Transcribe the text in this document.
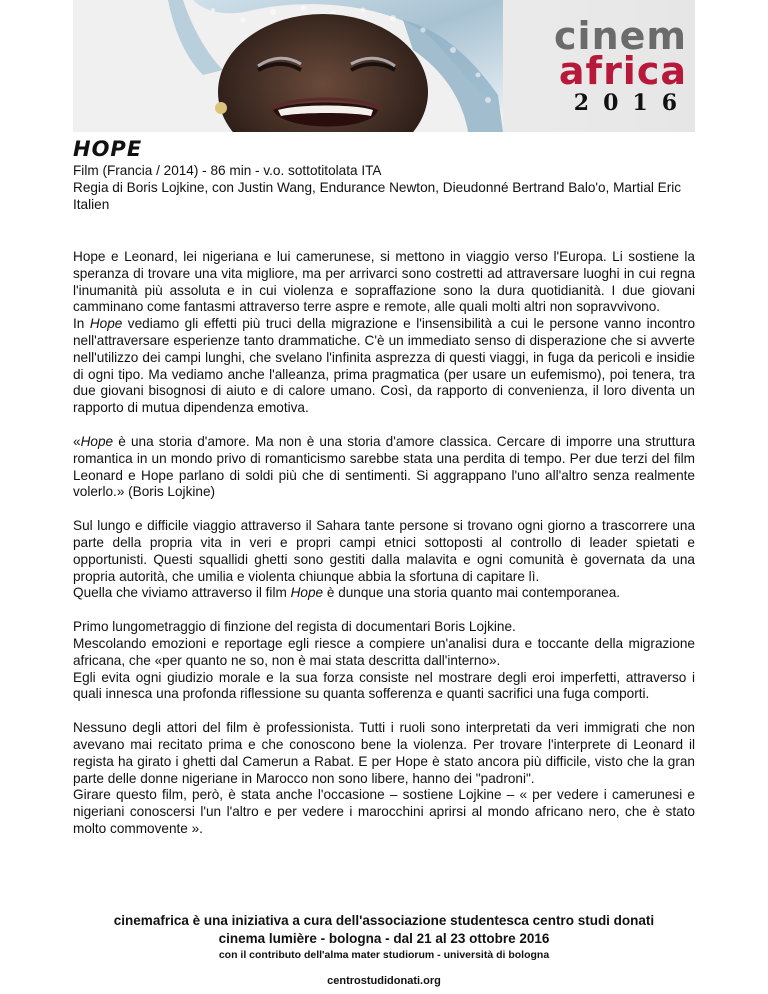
cinem
africa
2016
HOPE

Film (Francia / 2014) - 86 min - v.o. sottotitolata ITA

Regia di Boris Lojkine, con Justin Wang, Endurance Newton, Dieudonné Bertrand Balo'o, Martial Eric Italien

Hope e Leonard, lei nigeriana e lui camerunese, si mettono in viaggio verso l'Europa. Li sostiene la speranza di trovare una vita migliore, ma per arrivarci sono costretti ad attraversare luoghi in cui regna l'inumanità più assoluta e in cui violenza e sopraffazione sono la dura quotidianità. I due giovani camminano come fantasmi attraverso terre aspre e remote, alle quali molti altri non sopravvivono.

In Hope vediamo gli effetti più truci della migrazione e l'insensibilità a cui le persone vanno incontro nell'attraversare esperienze tanto drammatiche. C'è un immediato senso di disperazione che si avverte nell'utilizzo dei campi lunghi, che svelano l'infinita asprezza di questi viaggi, in fuga da pericoli e insidie di ogni tipo. Ma vediamo anche l'alleanza, prima pragmatica (per usare un eufemismo), poi tenera, tra due giovani bisognosi di aiuto e di calore umano. Così, da rapporto di convenienza, il loro diventa un rapporto di mutua dipendenza emotiva.

«Hope è una storia d'amore. Ma non è una storia d'amore classica. Cercare di imporre una struttura romantica in un mondo privo di romanticismo sarebbe stata una perdita di tempo. Per due terzi del film Leonard e Hope parlano di soldi più che di sentimenti. Si aggrappano l'uno all'altro senza realmente volerlo.» (Boris Lojkine)

Sul lungo e difficile viaggio attraverso il Sahara tante persone si trovano ogni giorno a trascorrere una parte della propria vita in veri e propri campi etnici sottoposti al controllo di leader spietati e opportunisti. Questi squallidi ghetti sono gestiti dalla malavita e ogni comunità è governata da una propria autorità, che umilia e violenta chiunque abbia la sfortuna di capitare lì.

Quella che viviamo attraverso il film Hope è dunque una storia quanto mai contemporanea.

Primo lungometraggio di finzione del regista di documentari Boris Lojkine.

Mescolando emozioni e reportage egli riesce a compiere un'analisi dura e toccante della migrazione africana, che «per quanto ne so, non è mai stata descritta dall'interno».

Egli evita ogni giudizio morale e la sua forza consiste nel mostrare degli eroi imperfetti, attraverso i quali innesca una profonda riflessione su quanta sofferenza e quanti sacrifici una fuga comporti.

Nessuno degli attori del film è professionista. Tutti i ruoli sono interpretati da veri immigrati che non avevano mai recitato prima e che conoscono bene la violenza. Per trovare l'interprete di Leonard il regista ha girato i ghetti dal Camerun a Rabat. E per Hope è stato ancora più difficile, visto che la gran parte delle donne nigeriane in Marocco non sono libere, hanno dei "padroni".

Girare questo film, però, è stata anche l'occasione – sostiene Lojkine – « per vedere i camerunesi e nigeriani conoscersi l'un l'altro e per vedere i marocchini aprirsi al mondo africano nero, che è stato molto commovente ».

cinemafrica è una iniziativa a cura dell'associazione studentesca centro studi donati
cinema lumière - bologna - dal 21 al 23 ottobre 2016
con il contributo dell'alma mater studiorum - università di bologna
centrostudidonati.org
